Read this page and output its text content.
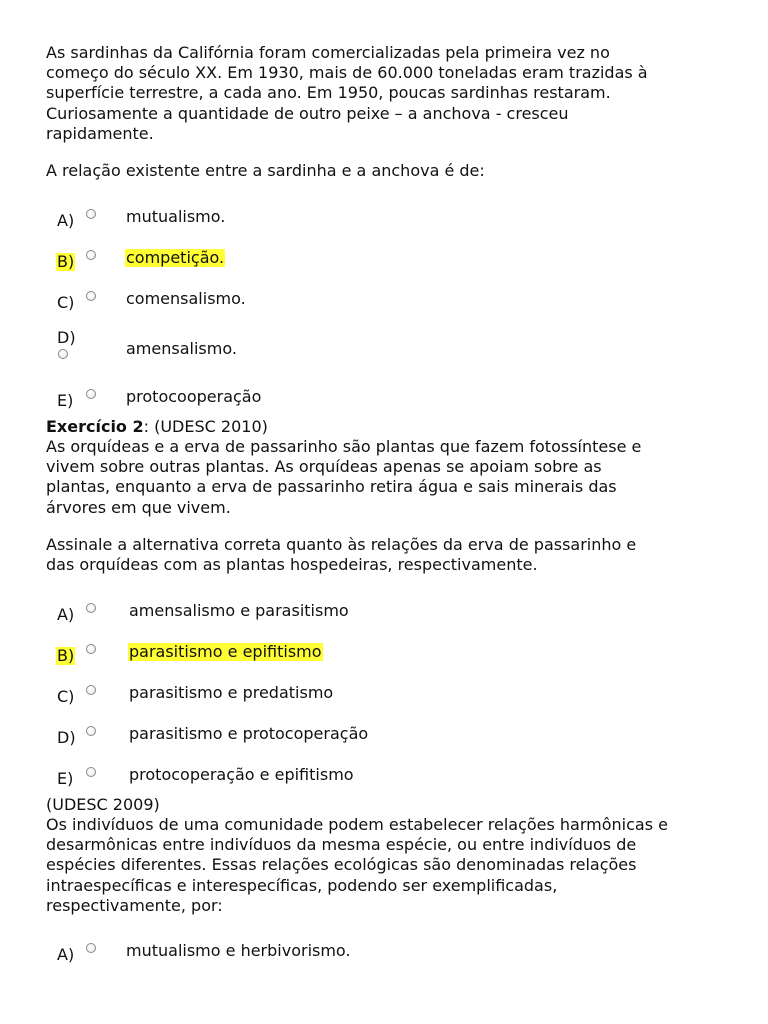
As sardinhas da Califórnia foram comercializadas pela primeira vez no
começo do século XX. Em 1930, mais de 60.000 toneladas eram trazidas à
superfície terrestre, a cada ano. Em 1950, poucas sardinhas restaram.
Curiosamente a quantidade de outro peixe – a anchova - cresceu
rapidamente.
A relação existente entre a sardinha e a anchova é de:
A)	mutualismo.
B)	competição.
C)	comensalismo.
D)
amensalismo.
E)	protocooperação
Exercício 2: (UDESC 2010)
As orquídeas e a erva de passarinho são plantas que fazem fotossíntese e
vivem sobre outras plantas. As orquídeas apenas se apoiam sobre as
plantas, enquanto a erva de passarinho retira água e sais minerais das
árvores em que vivem.
Assinale a alternativa correta quanto às relações da erva de passarinho e
das orquídeas com as plantas hospedeiras, respectivamente.
A)	amensalismo e parasitismo
B)	parasitismo e epifitismo
C)	parasitismo e predatismo
D)	parasitismo e protocoperação
E)	protocoperação e epifitismo
(UDESC 2009)
Os indivíduos de uma comunidade podem estabelecer relações harmônicas e
desarmônicas entre indivíduos da mesma espécie, ou entre indivíduos de
espécies diferentes. Essas relações ecológicas são denominadas relações
intraespecíficas e interespecíficas, podendo ser exemplificadas,
respectivamente, por:
A)	mutualismo e herbivorismo.
